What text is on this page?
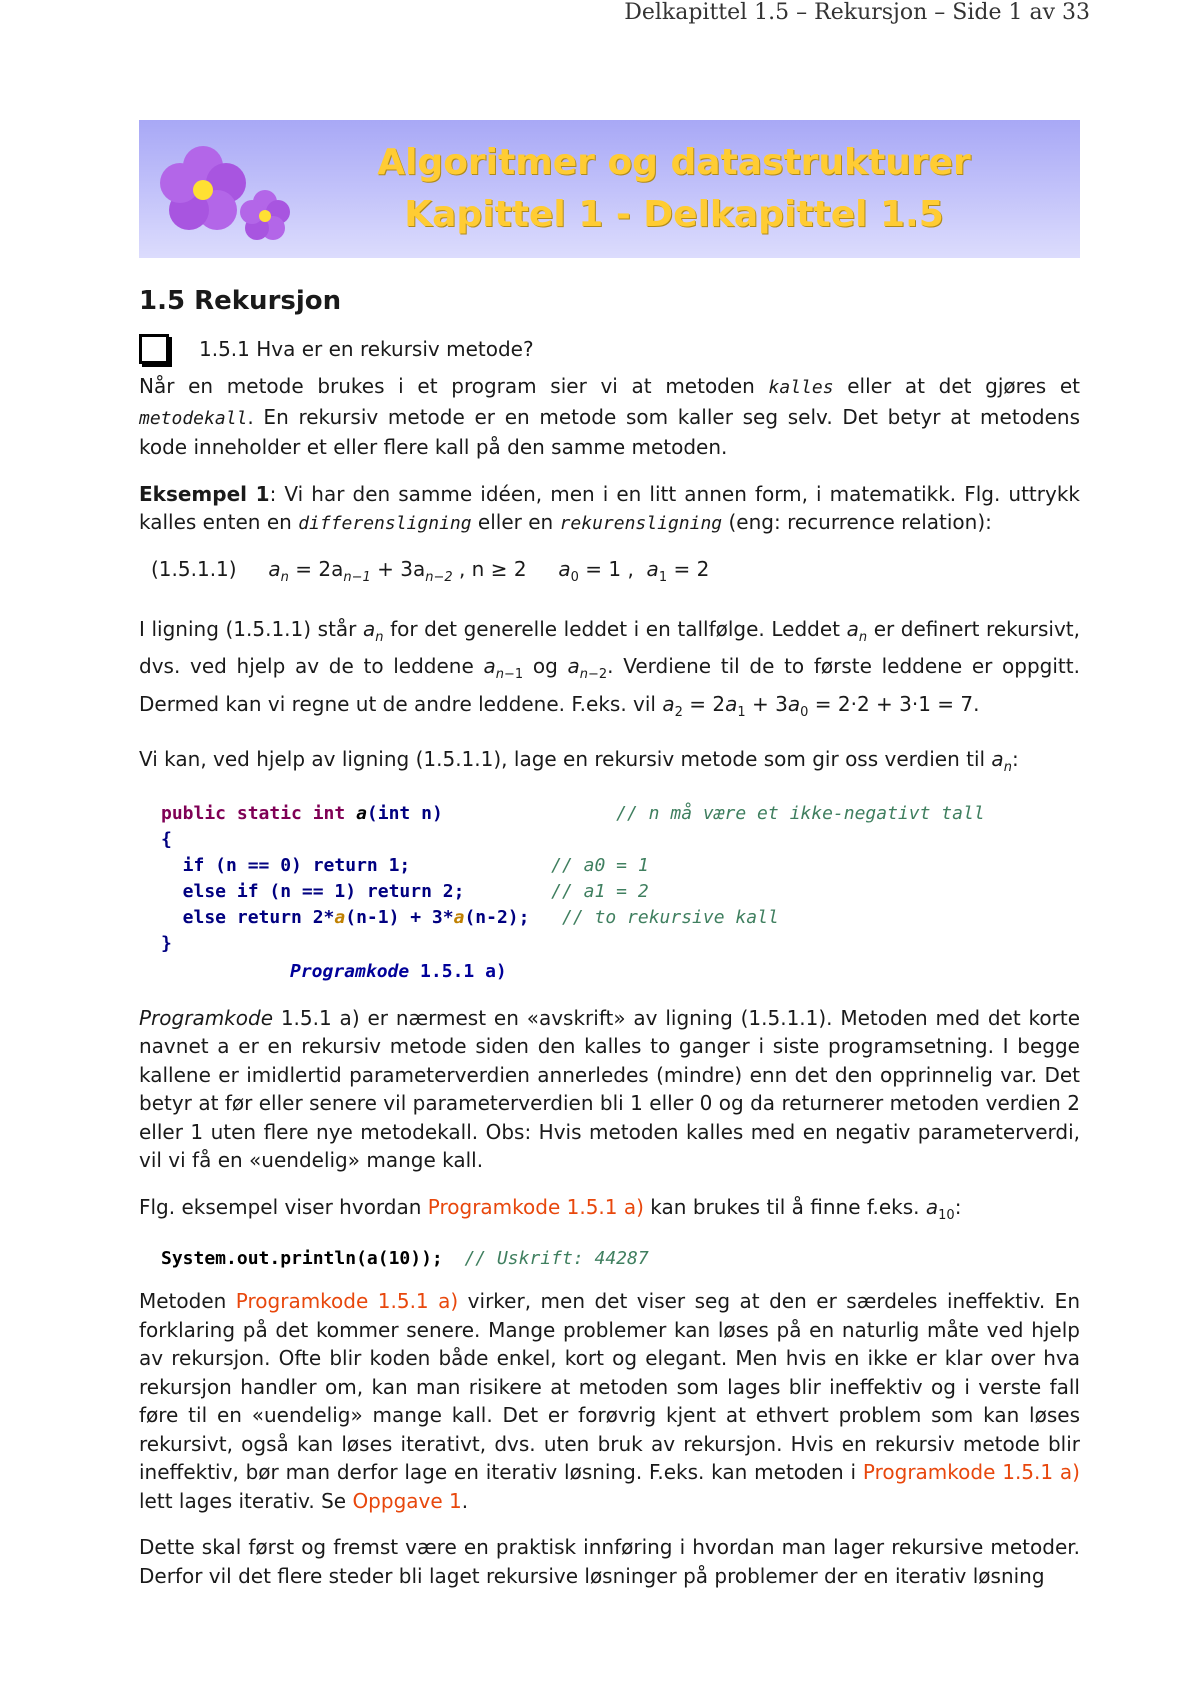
Delkapittel 1.5 – Rekursjon – Side 1 av 33
Algoritmer og datastrukturer
Kapittel 1 - Delkapittel 1.5
1.5 Rekursjon
1.5.1 Hva er en rekursiv metode?

Når en metode brukes i et program sier vi at metoden kalles eller at det gjøres et metodekall. En rekursiv metode er en metode som kaller seg selv. Det betyr at metodens kode inneholder et eller flere kall på den samme metoden.

Eksempel 1: Vi har den samme idéen, men i en litt annen form, i matematikk. Flg. uttrykk kalles enten en differensligning eller en rekurensligning (eng: recurrence relation):

(1.5.1.1) $a_n = 2a_{n-1} + 3a_{n-2}$ , n ≥ 2 $a_0 = 1$ , $a_1 = 2$

I ligning (1.5.1.1) står $a_n$ for det generelle leddet i en tallfølge. Leddet $a_n$ er definert rekursivt, dvs. ved hjelp av de to leddene $a_{n-1}$ og $a_{n-2}$. Verdiene til de to første leddene er oppgitt. Dermed kan vi regne ut de andre leddene. F.eks. vil $a_2 = 2a_1 + 3a_0 = 2\cdot 2 + 3\cdot 1 = 7$.

Vi kan, ved hjelp av ligning (1.5.1.1), lage en rekursiv metode som gir oss verdien til $a_n$:

public static int a(int n)	// n må være et ikke-negativt tall
{
if (n == 0) return 1;	// a0 = 1
else if (n == 1) return 2;	// a1 = 2
else return 2*a(n-1) + 3*a(n-2); // to rekursive kall
}
Programkode 1.5.1 a)

Programkode 1.5.1 a) er nærmest en «avskrift» av ligning (1.5.1.1). Metoden med det korte navnet a er en rekursiv metode siden den kalles to ganger i siste programsetning. I begge kallene er imidlertid parameterverdien annerledes (mindre) enn det den opprinnelig var. Det betyr at før eller senere vil parameterverdien bli 1 eller 0 og da returnerer metoden verdien 2 eller 1 uten flere nye metodekall. Obs: Hvis metoden kalles med en negativ parameterverdi, vil vi få en «uendelig» mange kall.

Flg. eksempel viser hvordan Programkode 1.5.1 a) kan brukes til å finne f.eks. $a_{10}$:

System.out.println(a(10)); // Uskrift: 44287

Metoden Programkode 1.5.1 a) virker, men det viser seg at den er særdeles ineffektiv. En forklaring på det kommer senere. Mange problemer kan løses på en naturlig måte ved hjelp av rekursjon. Ofte blir koden både enkel, kort og elegant. Men hvis en ikke er klar over hva rekursjon handler om, kan man risikere at metoden som lages blir ineffektiv og i verste fall føre til en «uendelig» mange kall. Det er forøvrig kjent at ethvert problem som kan løses rekursivt, også kan løses iterativt, dvs. uten bruk av rekursjon. Hvis en rekursiv metode blir ineffektiv, bør man derfor lage en iterativ løsning. F.eks. kan metoden i Programkode 1.5.1 a) lett lages iterativ. Se Oppgave 1.

Dette skal først og fremst være en praktisk innføring i hvordan man lager rekursive metoder. Derfor vil det flere steder bli laget rekursive løsninger på problemer der en iterativ løsning
